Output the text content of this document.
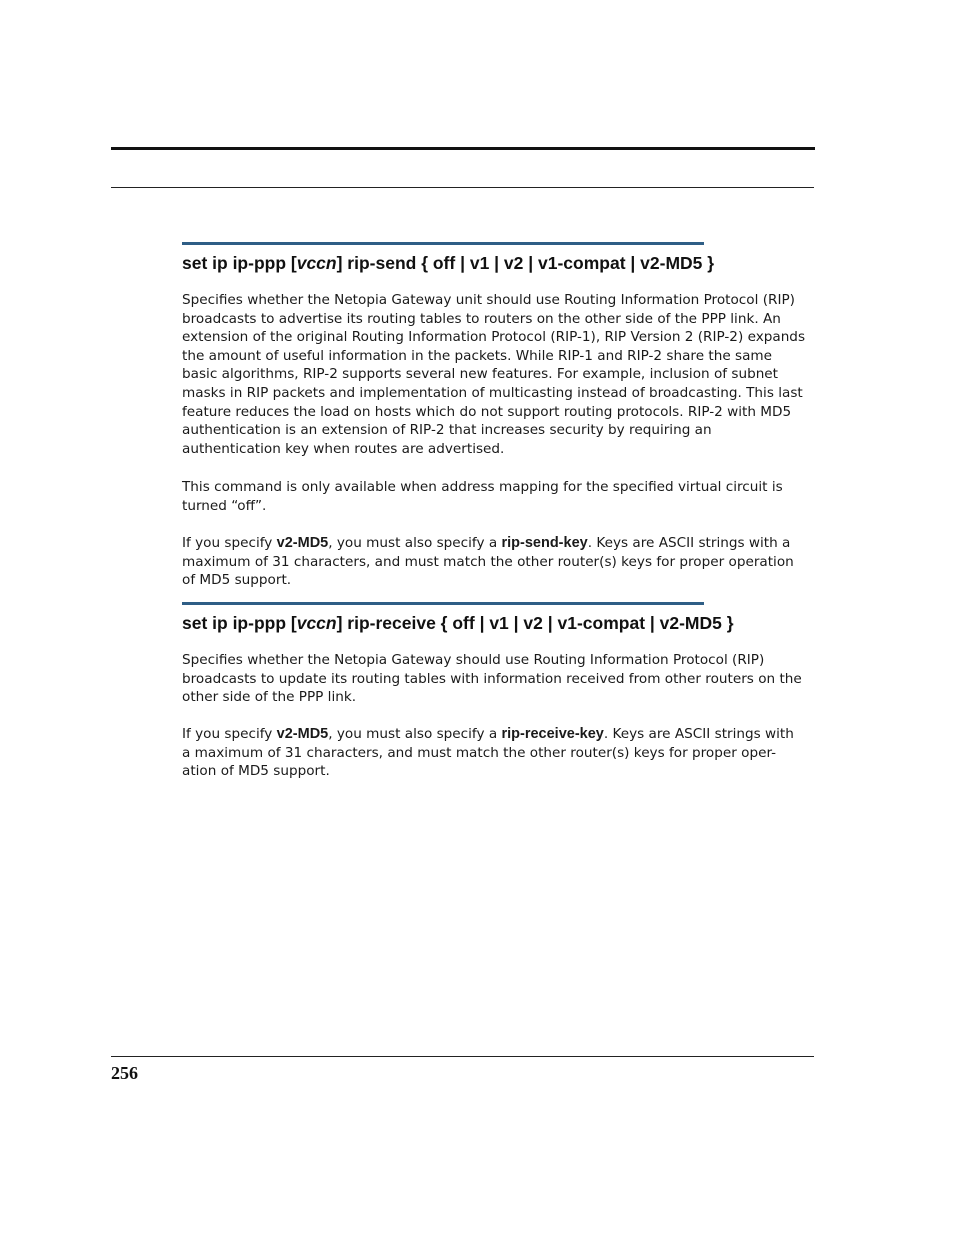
set ip ip-ppp [vccn] rip-send { off | v1 | v2 | v1-compat | v2-MD5 }

Specifies whether the Netopia Gateway unit should use Routing Information Protocol (RIP) broadcasts to advertise its routing tables to routers on the other side of the PPP link. An extension of the original Routing Information Protocol (RIP-1), RIP Version 2 (RIP-2) expands the amount of useful information in the packets. While RIP-1 and RIP-2 share the same basic algorithms, RIP-2 supports several new features. For example, inclusion of subnet masks in RIP packets and implementation of multicasting instead of broadcasting. This last feature reduces the load on hosts which do not support routing protocols. RIP-2 with MD5 authentication is an extension of RIP-2 that increases security by requiring an authentication key when routes are advertised.

This command is only available when address mapping for the specified virtual circuit is turned “off”.

If you specify v2-MD5, you must also specify a rip-send-key. Keys are ASCII strings with a maximum of 31 characters, and must match the other router(s) keys for proper operation of MD5 support.

set ip ip-ppp [vccn] rip-receive { off | v1 | v2 | v1-compat | v2-MD5 }

Specifies whether the Netopia Gateway should use Routing Information Protocol (RIP) broadcasts to update its routing tables with information received from other routers on the other side of the PPP link.

If you specify v2-MD5, you must also specify a rip-receive-key. Keys are ASCII strings with a maximum of 31 characters, and must match the other router(s) keys for proper oper-ation of MD5 support.

256
